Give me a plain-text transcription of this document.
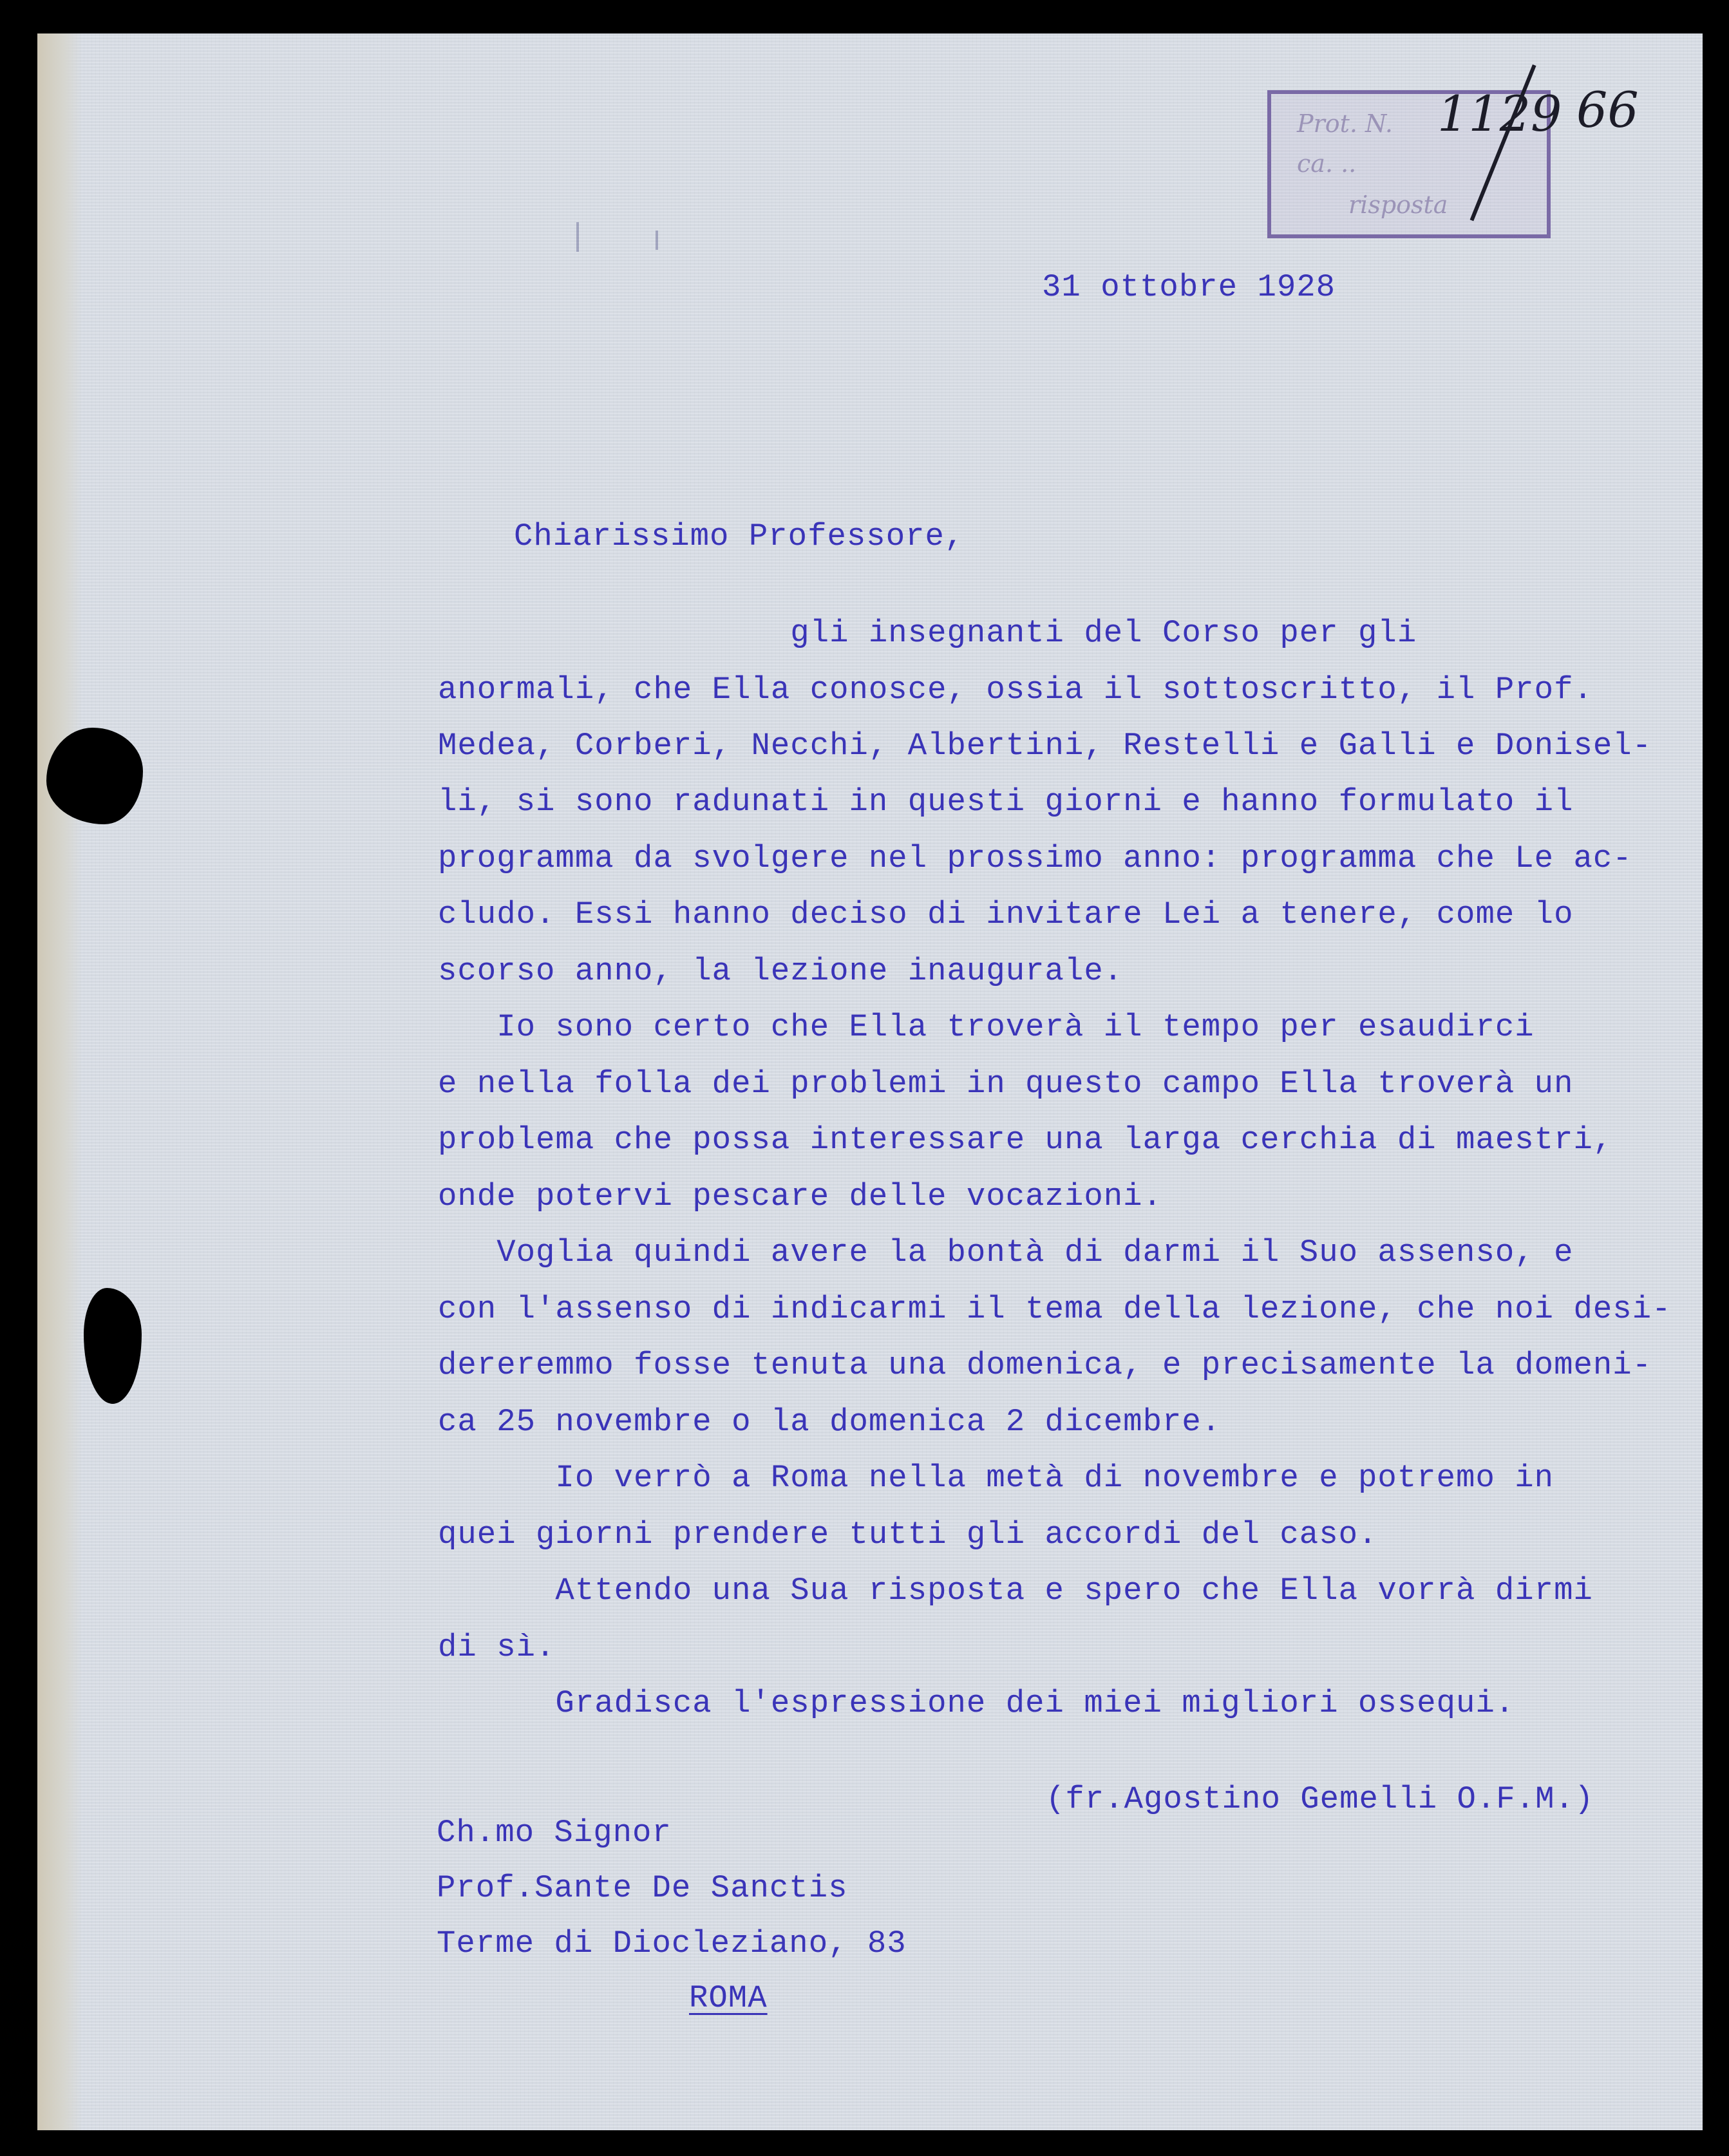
Prot. N.
ca. ..
risposta
1129 66
31 ottobre 1928
Chiarissimo Professore,
gli insegnanti del Corso per gli
anormali, che Ella conosce, ossia il sottoscritto, il Prof.
Medea, Corberi, Necchi, Albertini, Restelli e Galli e Donisel-
li, si sono radunati in questi giorni e hanno formulato il
programma da svolgere nel prossimo anno: programma che Le ac-
cludo. Essi hanno deciso di invitare Lei a tenere, come lo
scorso anno, la lezione inaugurale.
Io sono certo che Ella troverà il tempo per esaudirci
e nella folla dei problemi in questo campo Ella troverà un
problema che possa interessare una larga cerchia di maestri,
onde potervi pescare delle vocazioni.
Voglia quindi avere la bontà di darmi il Suo assenso, e
con l'assenso di indicarmi il tema della lezione, che noi desi-
dereremmo fosse tenuta una domenica, e precisamente la domeni-
ca 25 novembre o la domenica 2 dicembre.
Io verrò a Roma nella metà di novembre e potremo in
quei giorni prendere tutti gli accordi del caso.
Attendo una Sua risposta e spero che Ella vorrà dirmi
di sì.
Gradisca l'espressione dei miei migliori ossequi.
(fr.Agostino Gemelli O.F.M.)
Ch.mo Signor
Prof.Sante De Sanctis
Terme di Diocleziano, 83
ROMA
